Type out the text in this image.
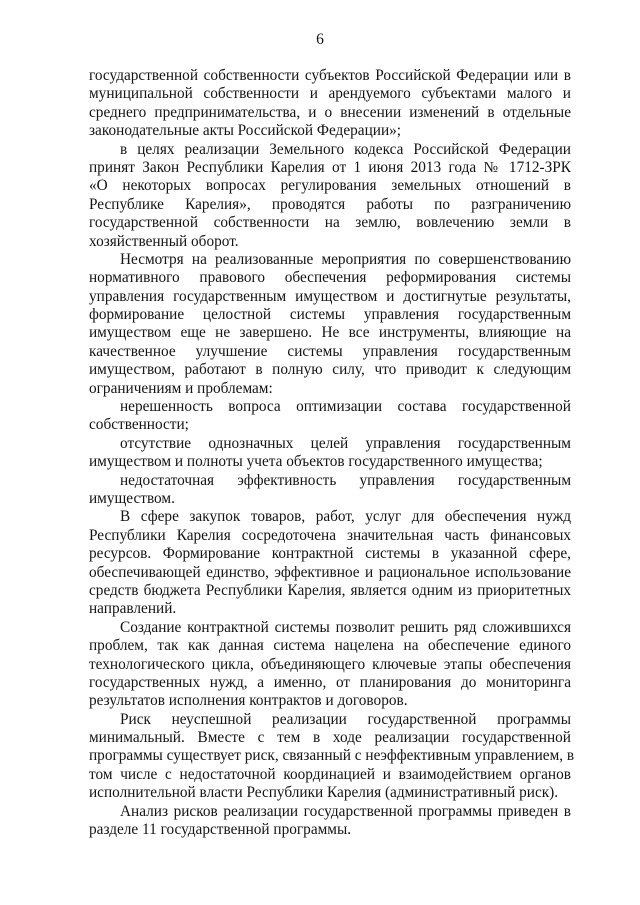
6
государственной собственности субъектов Российской Федерации или в
муниципальной собственности и арендуемого субъектами малого и
среднего предпринимательства, и о внесении изменений в отдельные
законодательные акты Российской Федерации»;
в целях реализации Земельного кодекса Российской Федерации
принят Закон Республики Карелия от 1 июня 2013 года № 1712-ЗРК
«О некоторых вопросах регулирования земельных отношений в
Республике Карелия», проводятся работы по разграничению
государственной собственности на землю, вовлечению земли в
хозяйственный оборот.
Несмотря на реализованные мероприятия по совершенствованию
нормативного правового обеспечения реформирования системы
управления государственным имуществом и достигнутые результаты,
формирование целостной системы управления государственным
имуществом еще не завершено. Не все инструменты, влияющие на
качественное улучшение системы управления государственным
имуществом, работают в полную силу, что приводит к следующим
ограничениям и проблемам:
нерешенность вопроса оптимизации состава государственной
собственности;
отсутствие однозначных целей управления государственным
имуществом и полноты учета объектов государственного имущества;
недостаточная эффективность управления государственным
имуществом.
В сфере закупок товаров, работ, услуг для обеспечения нужд
Республики Карелия сосредоточена значительная часть финансовых
ресурсов. Формирование контрактной системы в указанной сфере,
обеспечивающей единство, эффективное и рациональное использование
средств бюджета Республики Карелия, является одним из приоритетных
направлений.
Создание контрактной системы позволит решить ряд сложившихся
проблем, так как данная система нацелена на обеспечение единого
технологического цикла, объединяющего ключевые этапы обеспечения
государственных нужд, а именно, от планирования до мониторинга
результатов исполнения контрактов и договоров.
Риск неуспешной реализации государственной программы
минимальный. Вместе с тем в ходе реализации государственной
программы существует риск, связанный с неэффективным управлением, в
том числе с недостаточной координацией и взаимодействием органов
исполнительной власти Республики Карелия (административный риск).
Анализ рисков реализации государственной программы приведен в
разделе 11 государственной программы.
